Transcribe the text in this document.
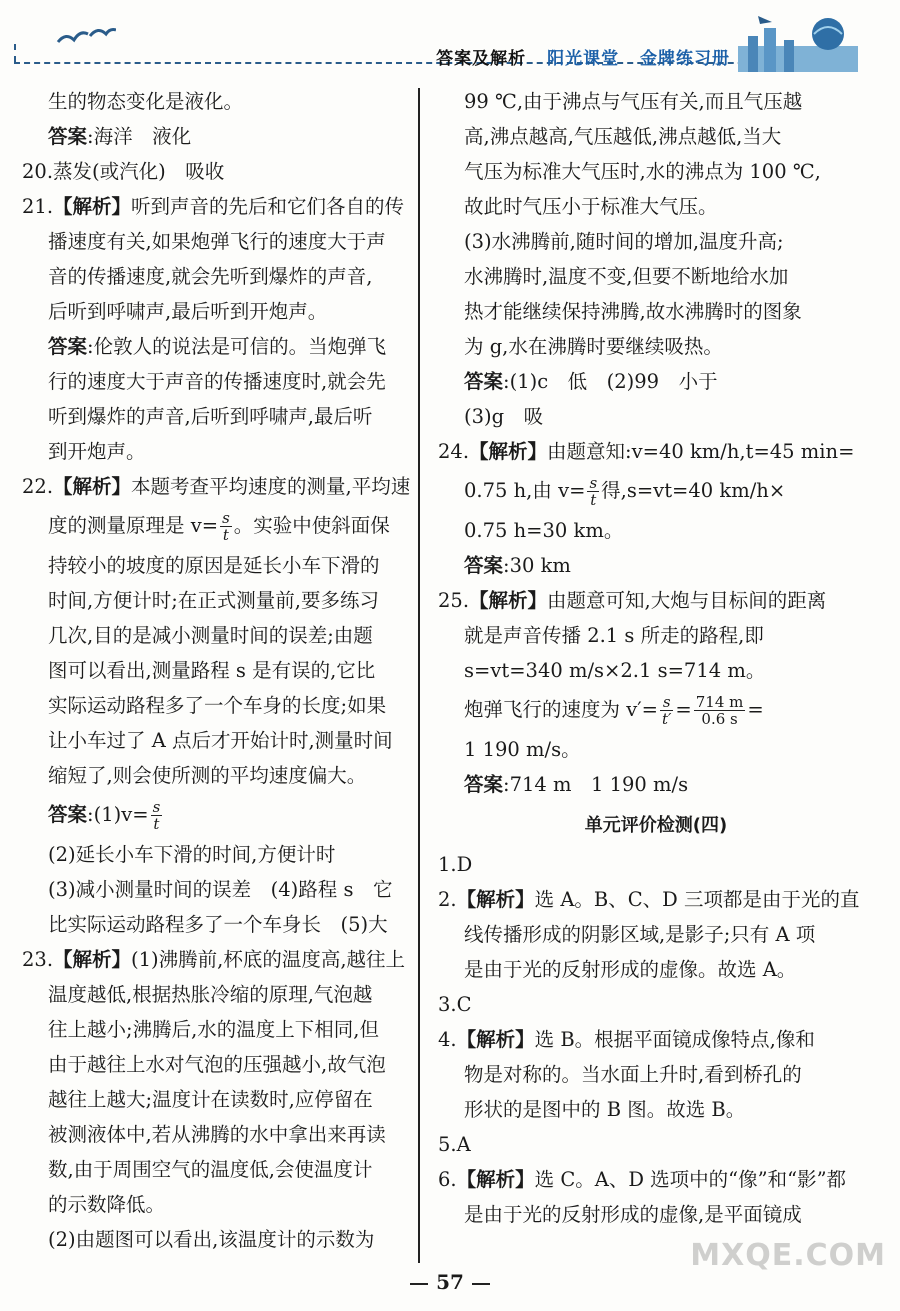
答案及解析 阳光课堂 金牌练习册

生的物态变化是液化。

答案:海洋　液化

20.蒸发(或汽化)　吸收

21.【解析】听到声音的先后和它们各自的传

播速度有关,如果炮弹飞行的速度大于声

音的传播速度,就会先听到爆炸的声音,

后听到呼啸声,最后听到开炮声。

答案:伦敦人的说法是可信的。当炮弹飞

行的速度大于声音的传播速度时,就会先

听到爆炸的声音,后听到呼啸声,最后听

到开炮声。

22.【解析】本题考查平均速度的测量,平均速

度的测量原理是 $v= \frac{s}{t}$ 。实验中使斜面保

持较小的坡度的原因是延长小车下滑的

时间,方便计时;在正式测量前,要多练习

几次,目的是减小测量时间的误差;由题

图可以看出,测量路程 s 是有误的,它比

实际运动路程多了一个车身的长度;如果

让小车过了 A 点后才开始计时,测量时间

缩短了,则会使所测的平均速度偏大。

答案:(1)v= $\frac{s}{t}$

(2)延长小车下滑的时间,方便计时

(3)减小测量时间的误差　(4)路程 s　它

比实际运动路程多了一个车身长　(5)大

23.【解析】(1)沸腾前,杯底的温度高,越往上

温度越低,根据热胀冷缩的原理,气泡越

往上越小;沸腾后,水的温度上下相同,但

由于越往上水对气泡的压强越小,故气泡

越往上越大;温度计在读数时,应停留在

被测液体中,若从沸腾的水中拿出来再读

数,由于周围空气的温度低,会使温度计

的示数降低。

(2)由题图可以看出,该温度计的示数为

99 ℃,由于沸点与气压有关,而且气压越

高,沸点越高,气压越低,沸点越低,当大

气压为标准大气压时,水的沸点为 100 ℃,

故此时气压小于标准大气压。

(3)水沸腾前,随时间的增加,温度升高;

水沸腾时,温度不变,但要不断地给水加

热才能继续保持沸腾,故水沸腾时的图象

为 g,水在沸腾时要继续吸热。

答案:(1)c　低　(2)99　小于

(3)g　吸

24.【解析】由题意知:v=40 km/h,t=45 min=

0.75 h,由 $v= \frac{s}{t}$ 得,s=vt=40 km/h×

0.75 h=30 km。

答案:30 km

25.【解析】由题意可知,大炮与目标间的距离

就是声音传播 2.1 s 所走的路程,即

s=vt=340 m/s×2.1 s=714 m。

炮弹飞行的速度为 $v'= \frac{s}{t'} = \frac{714 m}{0.6 s}$ =

1 190 m/s。

答案:714 m　1 190 m/s

单元评价检测(四)

1.D

2.【解析】选 A。B、C、D 三项都是由于光的直

线传播形成的阴影区域,是影子;只有 A 项

是由于光的反射形成的虚像。故选 A。

3.C

4.【解析】选 B。根据平面镜成像特点,像和

物是对称的。当水面上升时,看到桥孔的

形状的是图中的 B 图。故选 B。

5.A

6.【解析】选 C。A、D 选项中的“像”和“影”都

是由于光的反射形成的虚像,是平面镜成

57
MXQE.COM
